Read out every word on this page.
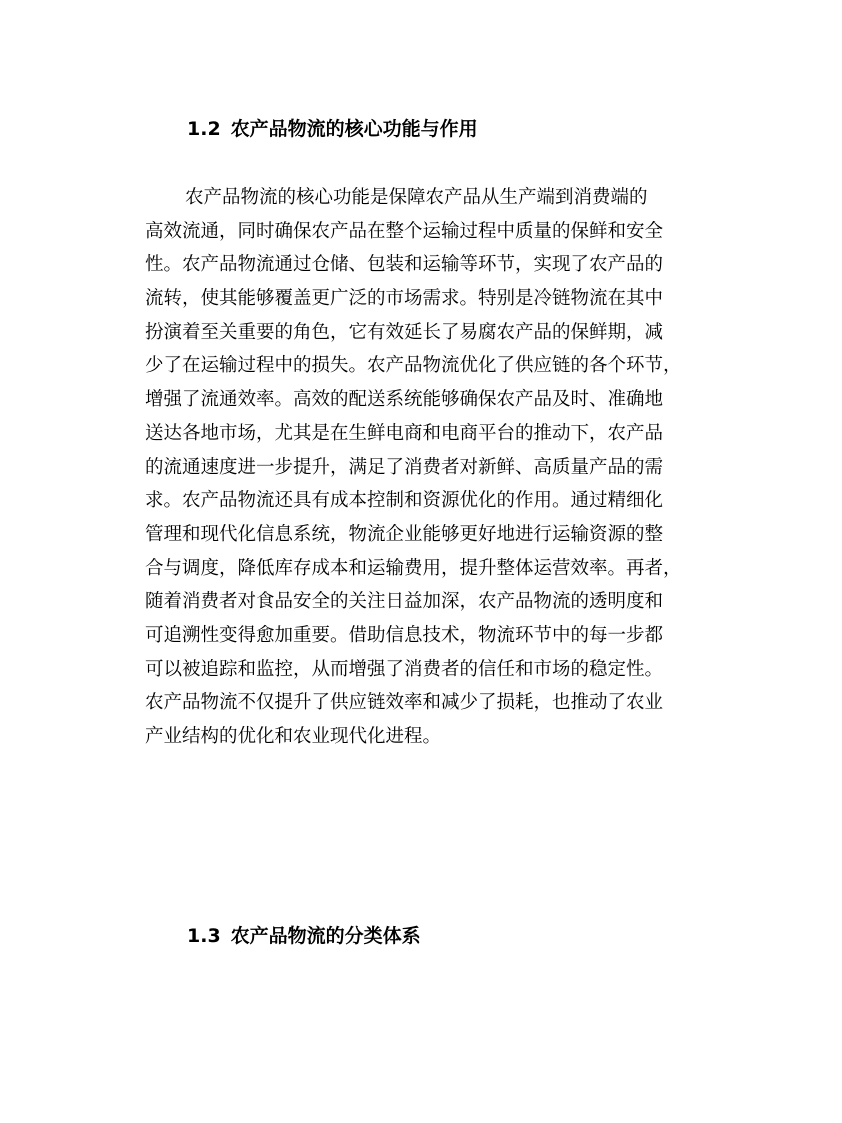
1.2 农产品物流的核心功能与作用
农产品物流的核心功能是保障农产品从生产端到消费端的
高效流通，同时确保农产品在整个运输过程中质量的保鲜和安全
性。农产品物流通过仓储、包装和运输等环节，实现了农产品的
流转，使其能够覆盖更广泛的市场需求。特别是冷链物流在其中
扮演着至关重要的角色，它有效延长了易腐农产品的保鲜期，减
少了在运输过程中的损失。农产品物流优化了供应链的各个环节，
增强了流通效率。高效的配送系统能够确保农产品及时、准确地
送达各地市场，尤其是在生鲜电商和电商平台的推动下，农产品
的流通速度进一步提升，满足了消费者对新鲜、高质量产品的需
求。农产品物流还具有成本控制和资源优化的作用。通过精细化
管理和现代化信息系统，物流企业能够更好地进行运输资源的整
合与调度，降低库存成本和运输费用，提升整体运营效率。再者，
随着消费者对食品安全的关注日益加深，农产品物流的透明度和
可追溯性变得愈加重要。借助信息技术，物流环节中的每一步都
可以被追踪和监控，从而增强了消费者的信任和市场的稳定性。
农产品物流不仅提升了供应链效率和减少了损耗，也推动了农业
产业结构的优化和农业现代化进程。
1.3 农产品物流的分类体系
